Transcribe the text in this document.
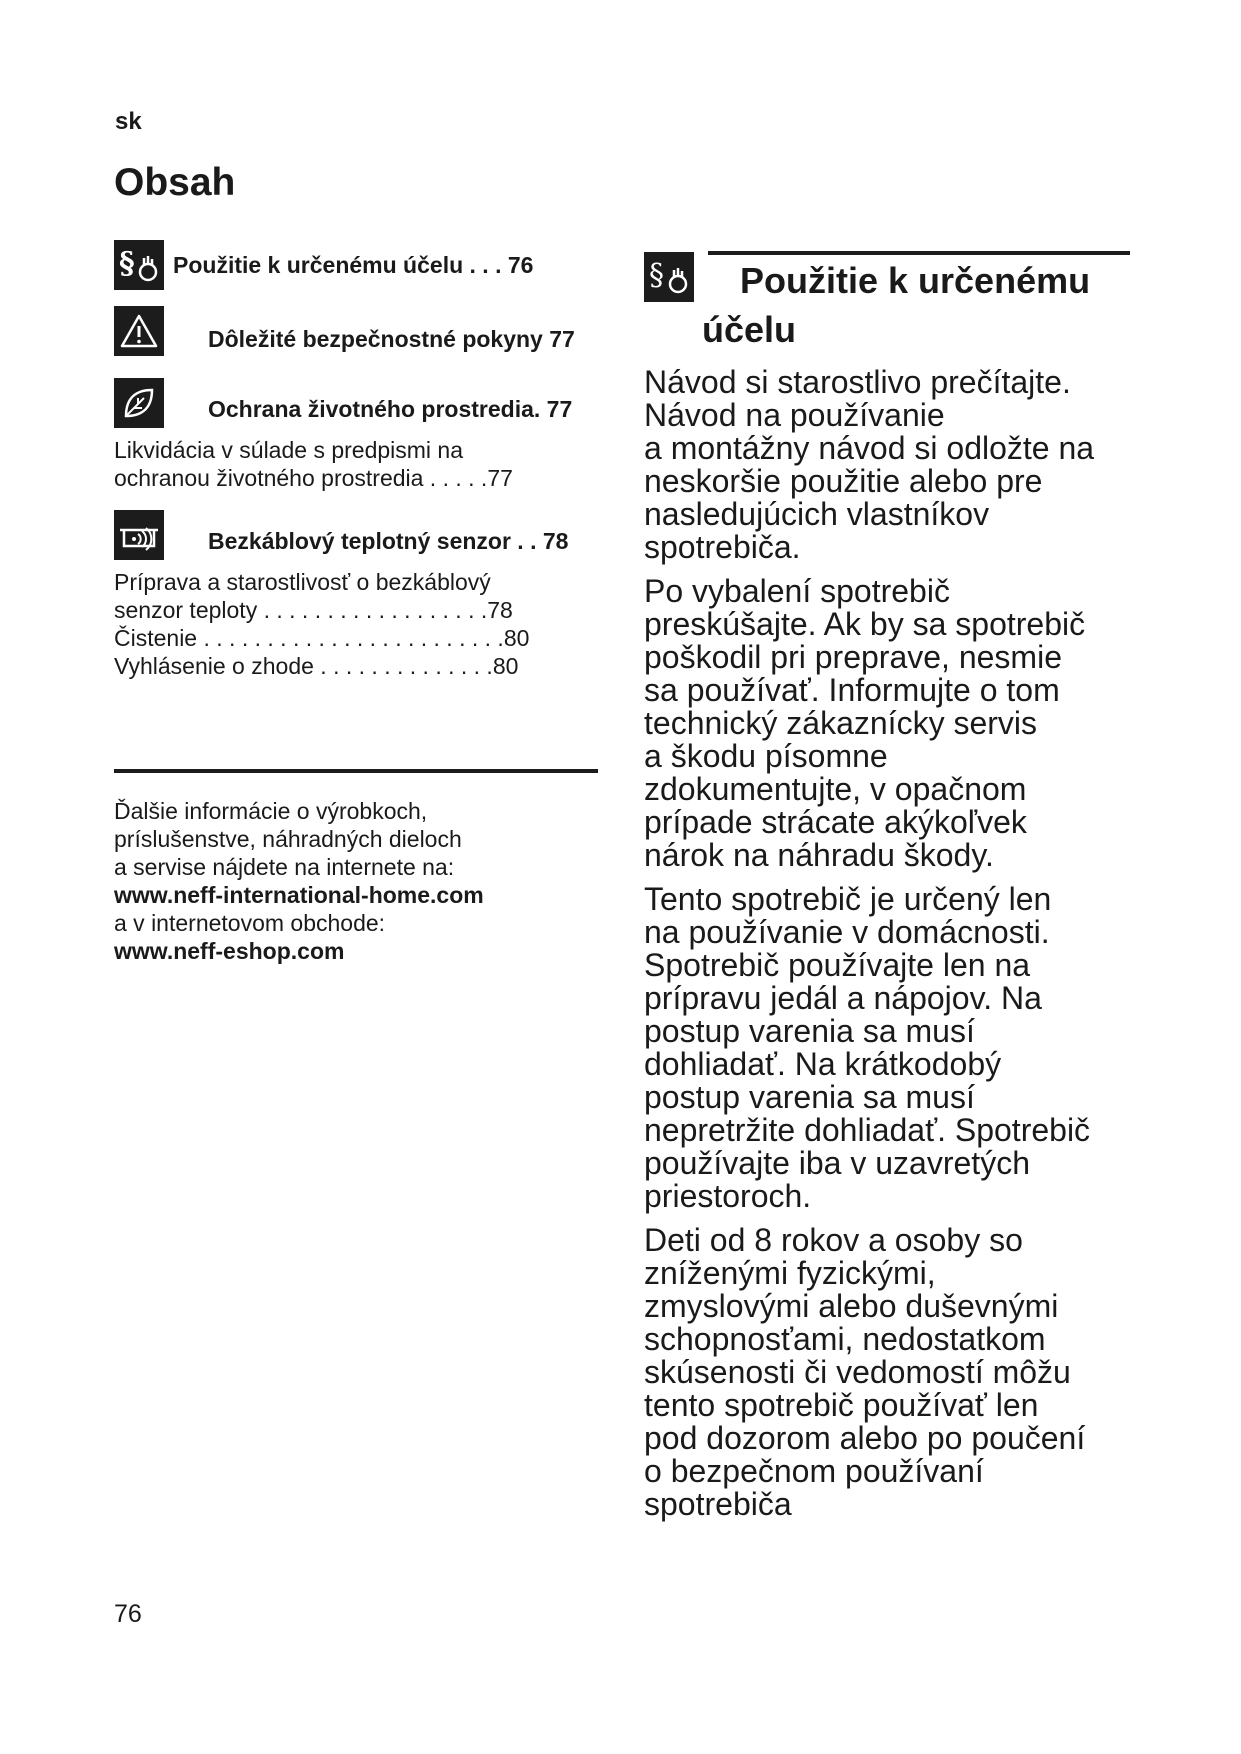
sk
Obsah
§ Použitie k určenému účelu . . . 76
Dôležité bezpečnostné pokyny 77
Ochrana životného prostredia. 77
Likvidácia v súlade s predpismi na
ochranou životného prostredia . . . . .77
Bezkáblový teplotný senzor . . 78
Príprava a starostlivosť o bezkáblový
senzor teploty . . . . . . . . . . . . . . . . . .78
Čistenie . . . . . . . . . . . . . . . . . . . . . . . .80
Vyhlásenie o zhode . . . . . . . . . . . . . .80
Ďalšie informácie o výrobkoch,
príslušenstve, náhradných dieloch
a servise nájdete na internete na:
www.neff-international-home.com
a v internetovom obchode:
www.neff-eshop.com
§	Použitie k určenému
účelu

Návod si starostlivo prečítajte.
Návod na používanie
a montážny návod si odložte na
neskoršie použitie alebo pre
nasledujúcich vlastníkov
spotrebiča.

Po vybalení spotrebič
preskúšajte. Ak by sa spotrebič
poškodil pri preprave, nesmie
sa používať. Informujte o tom
technický zákaznícky servis
a škodu písomne
zdokumentujte, v opačnom
prípade strácate akýkoľvek
nárok na náhradu škody.

Tento spotrebič je určený len
na používanie v domácnosti.
Spotrebič používajte len na
prípravu jedál a nápojov. Na
postup varenia sa musí
dohliadať. Na krátkodobý
postup varenia sa musí
nepretržite dohliadať. Spotrebič
používajte iba v uzavretých
priestoroch.

Deti od 8 rokov a osoby so
zníženými fyzickými,
zmyslovými alebo duševnými
schopnosťami, nedostatkom
skúsenosti či vedomostí môžu
tento spotrebič používať len
pod dozorom alebo po poučení
o bezpečnom používaní
spotrebiča

76
